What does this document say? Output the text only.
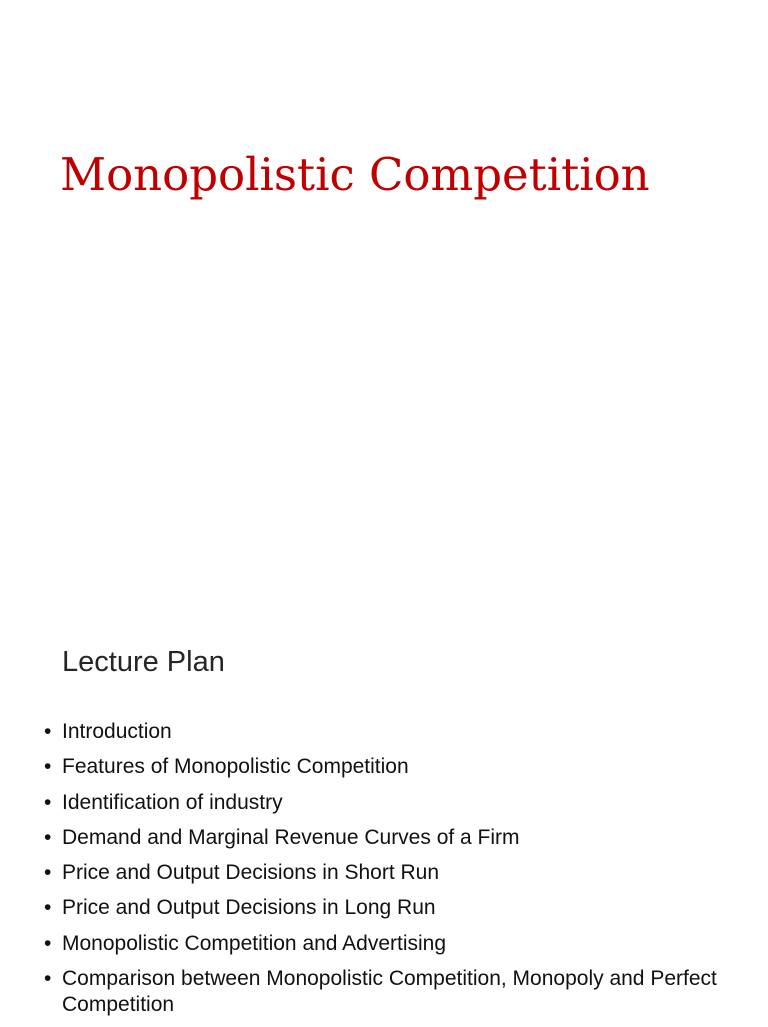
Monopolistic Competition
Lecture Plan
• Introduction
• Features of Monopolistic Competition
• Identification of industry
• Demand and Marginal Revenue Curves of a Firm
• Price and Output Decisions in Short Run
• Price and Output Decisions in Long Run
• Monopolistic Competition and Advertising
• Comparison between Monopolistic Competition, Monopoly and Perfect Competition
